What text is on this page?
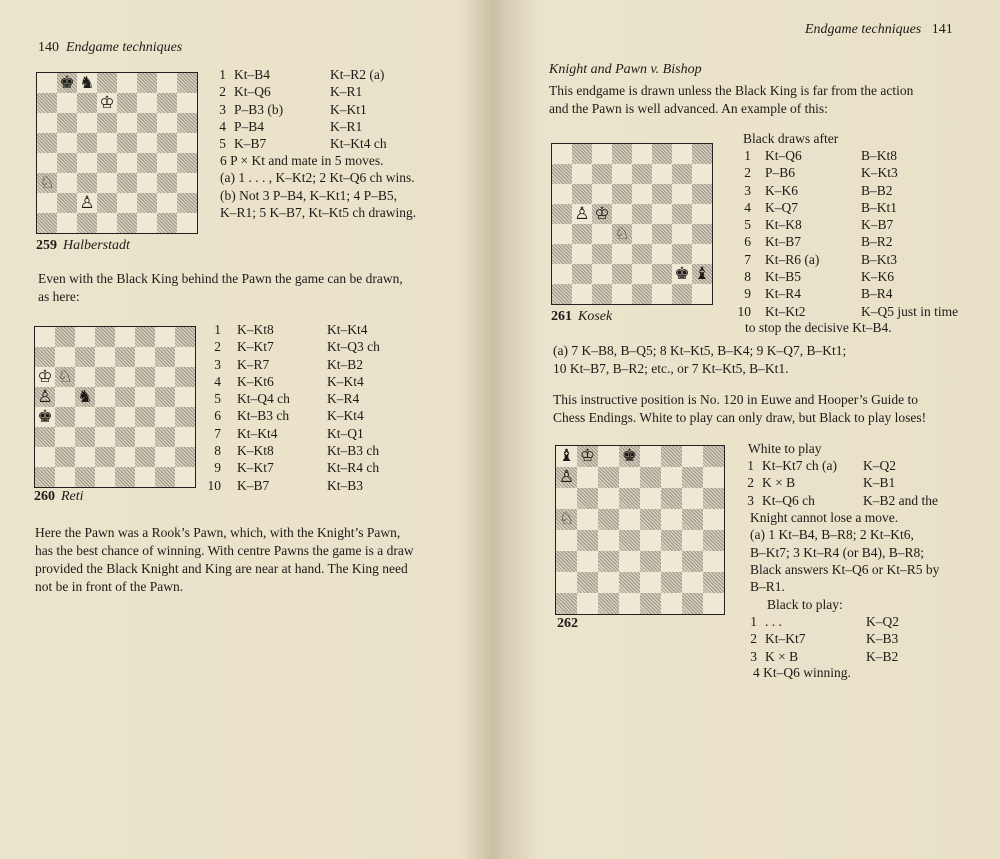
140 Endgame techniques
♚ ♞
♔
♘
♙
259 Halberstadt
1 Kt–B4	Kt–R2 (a)
2 Kt–Q6	K–R1
3 P–B3 (b)	K–Kt1
4 P–B4	K–R1
5 K–B7	Kt–Kt4 ch
6 P × Kt and mate in 5 moves.
(a) 1 . . . , K–Kt2; 2 Kt–Q6 ch wins.
(b) Not 3 P–B4, K–Kt1; 4 P–B5,
K–R1; 5 K–B7, Kt–Kt5 ch drawing.
Even with the Black King behind the Pawn the game can be drawn,
as here:
♔ ♘
♙ ♞
♚
260 Reti
1 K–Kt8	Kt–Kt4
2 K–Kt7	Kt–Q3 ch
3 K–R7	Kt–B2
4 K–Kt6	K–Kt4
5 Kt–Q4 ch	K–R4
6 Kt–B3 ch	K–Kt4
7 Kt–Kt4	Kt–Q1
8 K–Kt8	Kt–B3 ch
9 K–Kt7	Kt–R4 ch
10 K–B7	Kt–B3
Here the Pawn was a Rook’s Pawn, which, with the Knight’s Pawn,
has the best chance of winning. With centre Pawns the game is a draw
provided the Black Knight and King are near at hand. The King need
not be in front of the Pawn.
Endgame techniques 141
Knight and Pawn v. Bishop
This endgame is drawn unless the Black King is far from the action
and the Pawn is well advanced. An example of this:
♙ ♔
♘
♚ ♝
261 Kosek
Black draws after
1 Kt–Q6	B–Kt8
2 P–B6	K–Kt3
3 K–K6	B–B2
4 K–Q7	B–Kt1
5 Kt–K8	K–B7
6 Kt–B7	B–R2
7 Kt–R6 (a)	B–Kt3
8 Kt–B5	K–K6
9 Kt–R4	B–R4
10 Kt–Kt2	K–Q5 just in time
to stop the decisive Kt–B4.
(a) 7 K–B8, B–Q5; 8 Kt–Kt5, B–K4; 9 K–Q7, B–Kt1;
10 Kt–B7, B–R2; etc., or 7 Kt–Kt5, B–Kt1.
This instructive position is No. 120 in Euwe and Hooper’s Guide to
Chess Endings. White to play can only draw, but Black to play loses!
♝ ♔ ♚
♙
♘
262
White to play
1 Kt–Kt7 ch (a) K–Q2
2 K × B	K–B1
3 Kt–Q6 ch	K–B2 and the
Knight cannot lose a move.
(a) 1 Kt–B4, B–R8; 2 Kt–Kt6,
B–Kt7; 3 Kt–R4 (or B4), B–R8;
Black answers Kt–Q6 or Kt–R5 by
B–R1.
Black to play:
1 . . .	K–Q2
2 Kt–Kt7	K–B3
3 K × B	K–B2
4 Kt–Q6 winning.
